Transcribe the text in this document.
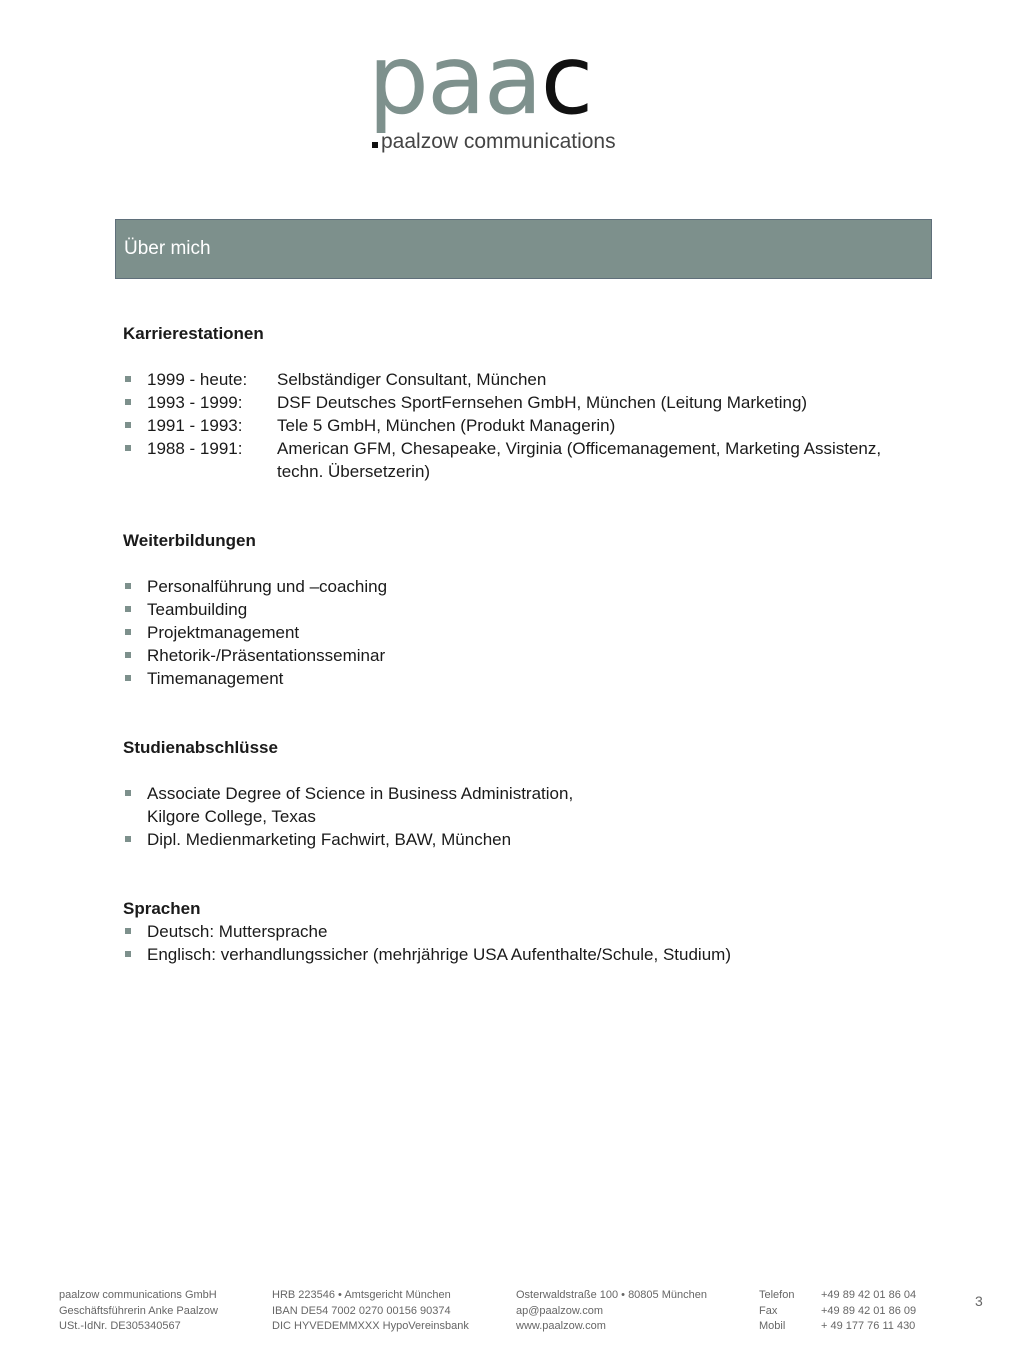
paac
paalzow communications
Über mich
Karrierestationen
1999 - heute: Selbständiger Consultant, München
1993 - 1999: DSF Deutsches SportFernsehen GmbH, München (Leitung Marketing)
1991 - 1993: Tele 5 GmbH, München (Produkt Managerin)
1988 - 1991: American GFM, Chesapeake, Virginia (Officemanagement, Marketing Assistenz, techn. Übersetzerin)
Weiterbildungen
Personalführung und –coaching
Teambuilding
Projektmanagement
Rhetorik-/Präsentationsseminar
Timemanagement
Studienabschlüsse
Associate Degree of Science in Business Administration,
Kilgore College, Texas
Dipl. Medienmarketing Fachwirt, BAW, München
Sprachen
Deutsch: Muttersprache
Englisch: verhandlungssicher (mehrjährige USA Aufenthalte/Schule, Studium)
paalzow communications GmbH
Geschäftsführerin Anke Paalzow
USt.-IdNr. DE305340567
HRB 223546 • Amtsgericht München
IBAN DE54 7002 0270 00156 90374
DIC HYVEDEMMXXX HypoVereinsbank
Osterwaldstraße 100 • 80805 München
ap@paalzow.com
www.paalzow.com
Telefon +49 89 42 01 86 04
Fax	+49 89 42 01 86 09
Mobil	+ 49 177 76 11 430
3
